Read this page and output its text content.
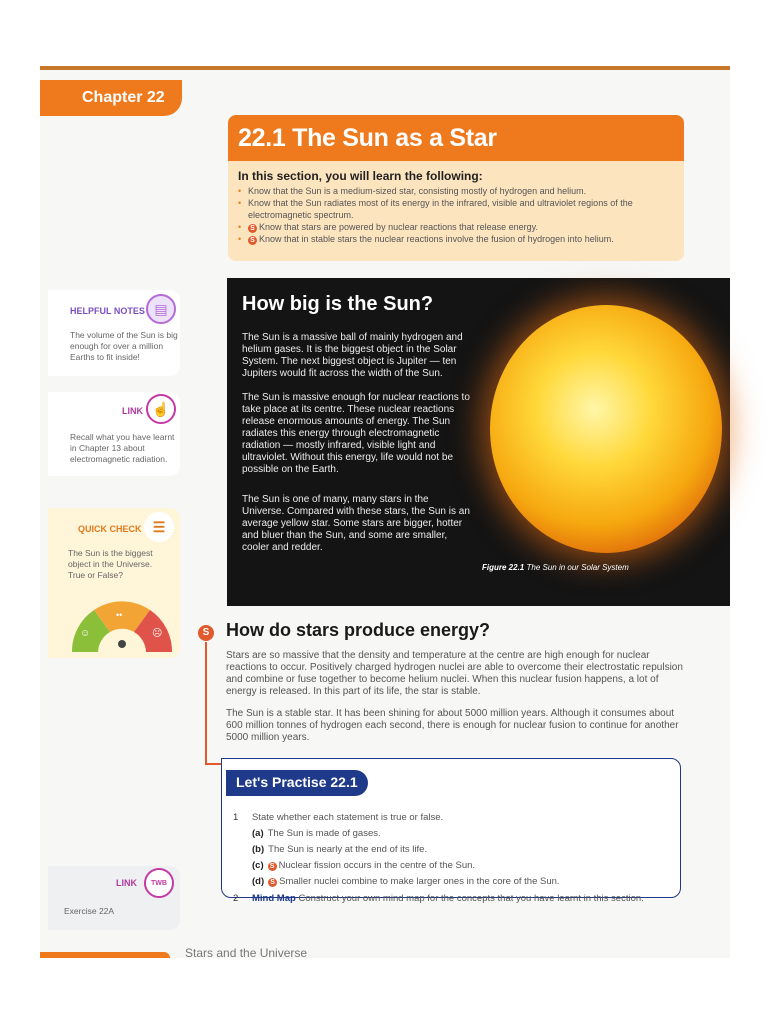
Chapter 22
22.1 The Sun as a Star
In this section, you will learn the following:
• Know that the Sun is a medium-sized star, consisting mostly of hydrogen and helium.
• Know that the Sun radiates most of its energy in the infrared, visible and ultraviolet regions of the electromagnetic spectrum.
• S Know that stars are powered by nuclear reactions that release energy.
• S Know that in stable stars the nuclear reactions involve the fusion of hydrogen into helium.
How big is the Sun?
The Sun is a massive ball of mainly hydrogen and helium gases. It is the biggest object in the Solar System. The next biggest object is Jupiter — ten Jupiters would fit across the width of the Sun.
The Sun is massive enough for nuclear reactions to take place at its centre. These nuclear reactions release enormous amounts of energy. The Sun radiates this energy through electromagnetic radiation — mostly infrared, visible light and ultraviolet. Without this energy, life would not be possible on the Earth.
The Sun is one of many, many stars in the Universe. Compared with these stars, the Sun is an average yellow star. Some stars are bigger, hotter and bluer than the Sun, and some are smaller, cooler and redder.
Figure 22.1 The Sun in our Solar System
HELPFUL NOTES ▤
The volume of the Sun is big enough for over a million Earths to fit inside!
LINK ☝
Recall what you have learnt in Chapter 13 about electromagnetic radiation.
QUICK CHECK ☰
The Sun is the biggest object in the Universe. True or False?
☺
••
☹
LINK	TWB
Exercise 22A
S How do stars produce energy?
Stars are so massive that the density and temperature at the centre are high enough for nuclear reactions to occur. Positively charged hydrogen nuclei are able to overcome their electrostatic repulsion and combine or fuse together to become helium nuclei. When this nuclear fusion happens, a lot of energy is released. In this part of its life, the star is stable.
The Sun is a stable star. It has been shining for about 5000 million years. Although it consumes about 600 million tonnes of hydrogen each second, there is enough for nuclear fusion to continue for another 5000 million years.
Let's Practise 22.1
1 State whether each statement is true or false.
(a) The Sun is made of gases.
(b) The Sun is nearly at the end of its life.
(c) S Nuclear fission occurs in the centre of the Sun.
(d) S Smaller nuclei combine to make larger ones in the core of the Sun.
2 Mind Map Construct your own mind map for the concepts that you have learnt in this section.
Stars and the Universe
